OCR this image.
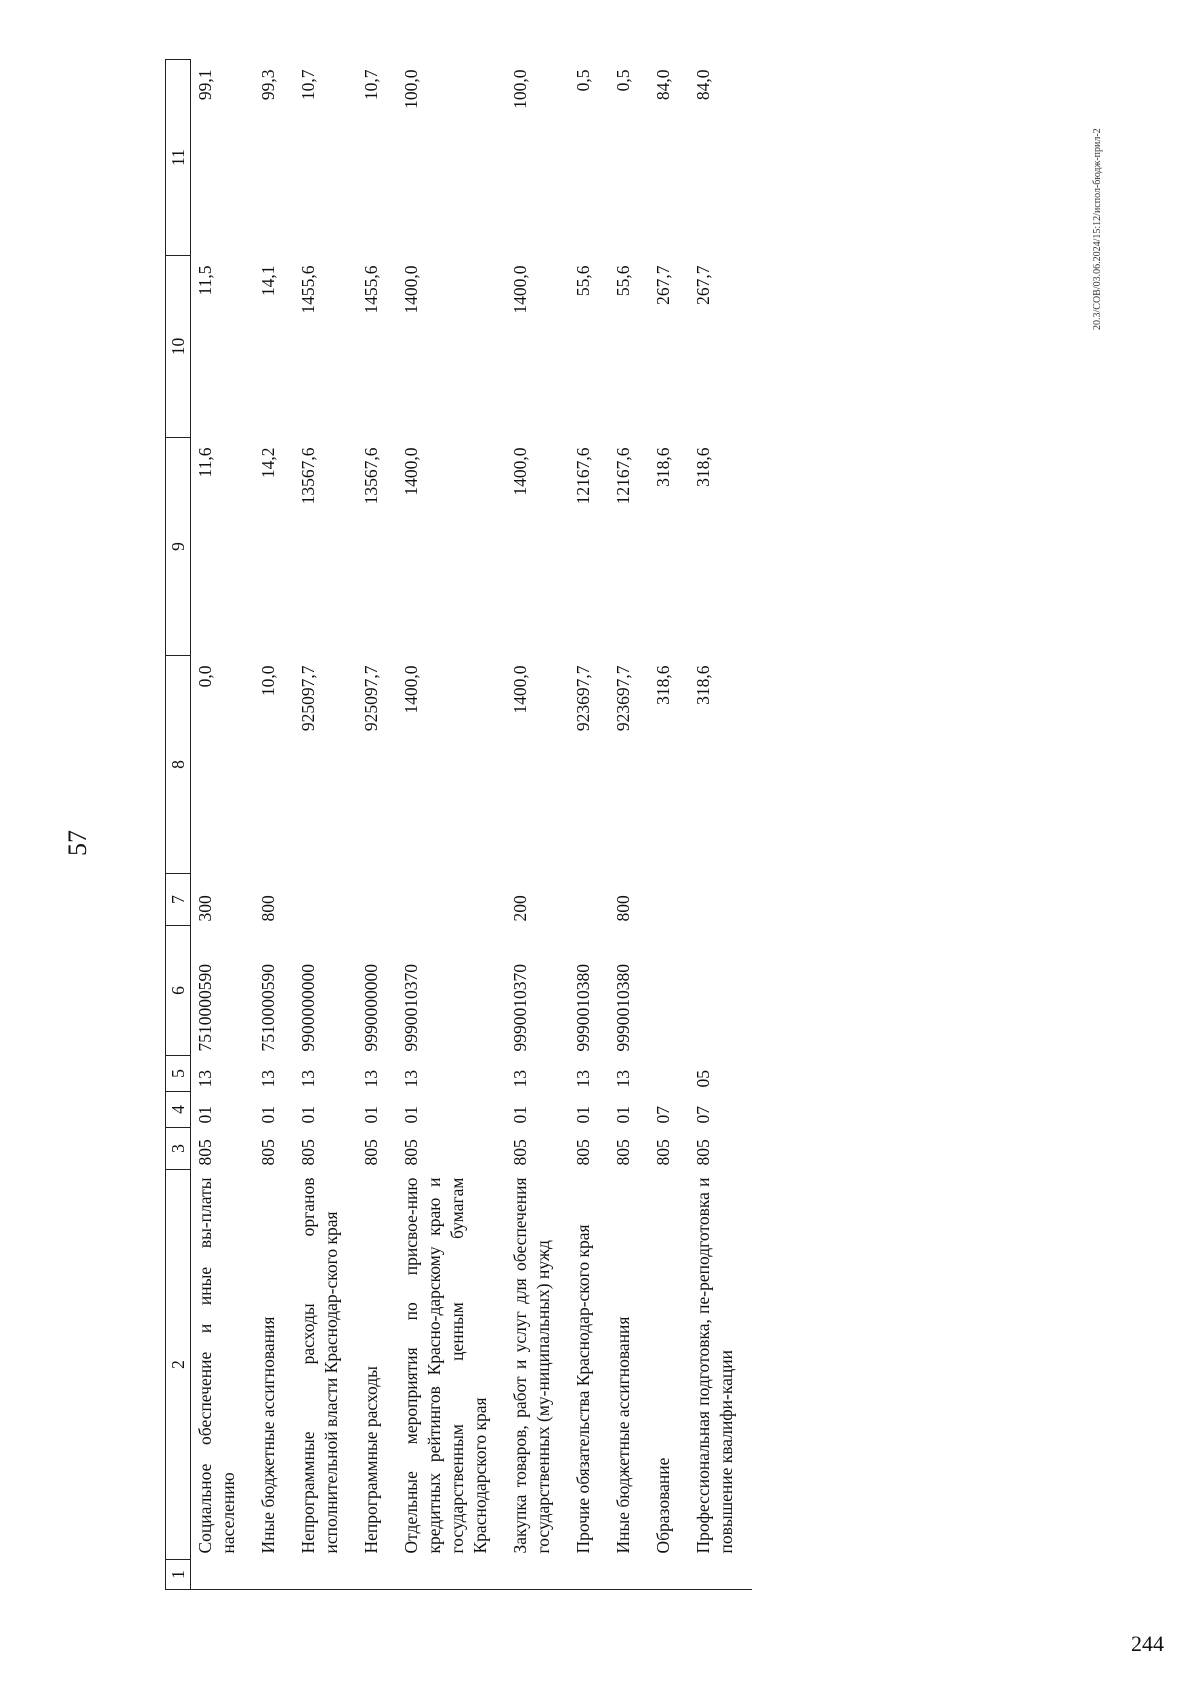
57
1	2	3	4	5	6	7	8	9	10	11
	Социальное обеспечение и иные вы-платы населению	805	01	13	7510000590	300	0,0	11,6	11,5	99,1
	Иные бюджетные ассигнования	805	01	13	7510000590	800	10,0	14,2	14,1	99,3
	Непрограммные расходы органов исполнительной власти Краснодар-ского края	805	01	13	9900000000		925097,7	13567,6	1455,6	10,7
	Непрограммные расходы	805	01	13	9990000000		925097,7	13567,6	1455,6	10,7
	Отдельные мероприятия по присвое-нию кредитных рейтингов Красно-дарскому краю и государственным ценным бумагам Краснодарского края	805	01	13	9990010370		1400,0	1400,0	1400,0	100,0
	Закупка товаров, работ и услуг для обеспечения государственных (му-ниципальных) нужд	805	01	13	9990010370	200	1400,0	1400,0	1400,0	100,0
	Прочие обязательства Краснодар-ского края	805	01	13	9990010380		923697,7	12167,6	55,6	0,5
	Иные бюджетные ассигнования	805	01	13	9990010380	800	923697,7	12167,6	55,6	0,5
	Образование	805	07				318,6	318,6	267,7	84,0
	Профессиональная подготовка, пе-реподготовка и повышение квалифи-кации	805	07	05			318,6	318,6	267,7	84,0
20.3/СОВ/03.06.2024/15:12/испол-бюдж-прил-2
244
